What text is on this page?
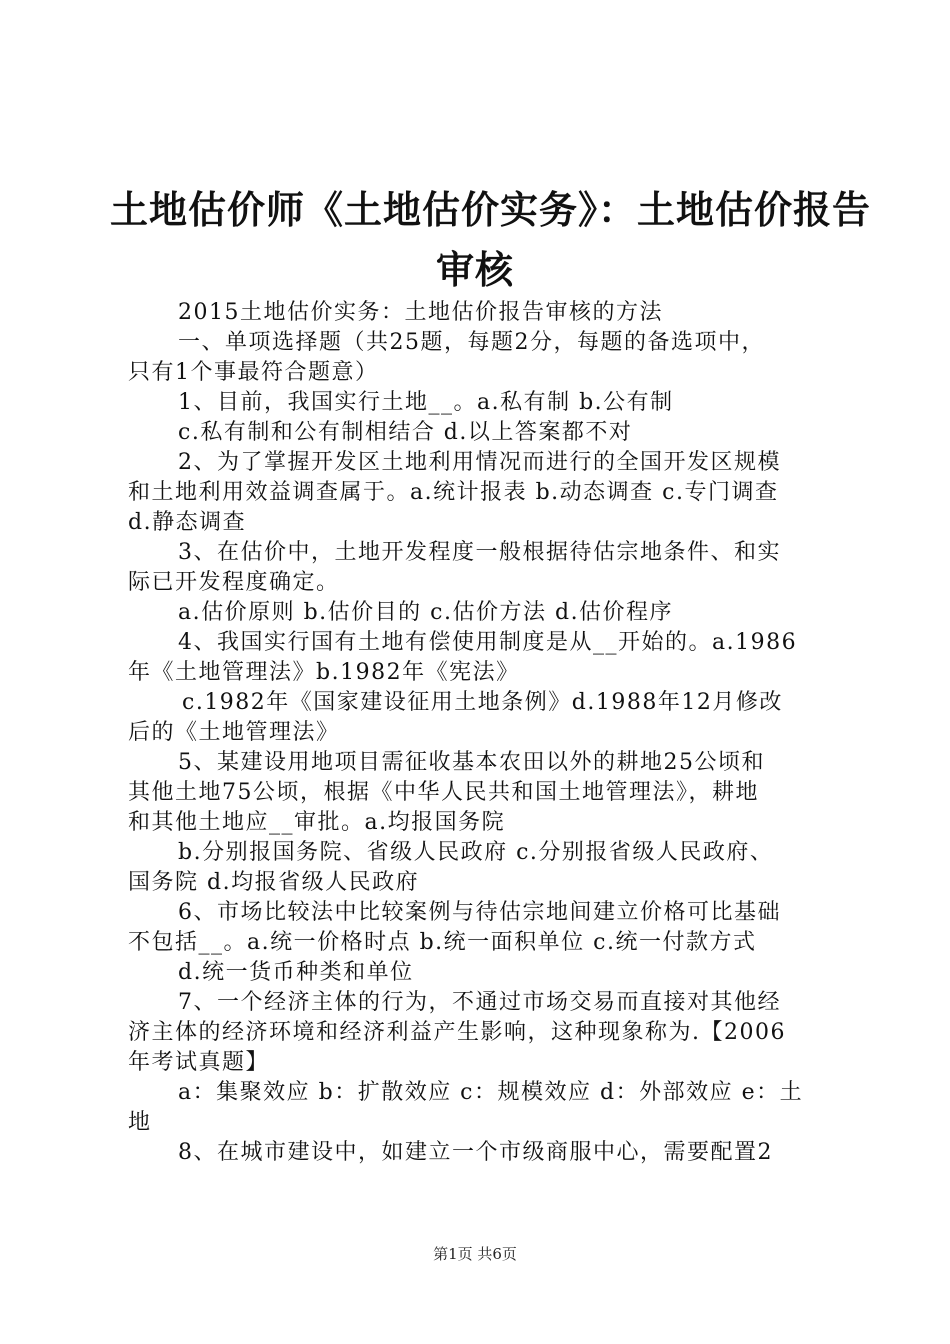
土地估价师《土地估价实务》：土地估价报告
审核
2015土地估价实务：土地估价报告审核的方法
一、单项选择题（共25题，每题2分，每题的备选项中，
只有1个事最符合题意）
1、目前，我国实行土地__。a.私有制 b.公有制
c.私有制和公有制相结合 d.以上答案都不对
2、为了掌握开发区土地利用情况而进行的全国开发区规模
和土地利用效益调查属于。a.统计报表 b.动态调查 c.专门调查
d.静态调查
3、在估价中，土地开发程度一般根据待估宗地条件、和实
际已开发程度确定。
a.估价原则 b.估价目的 c.估价方法 d.估价程序
4、我国实行国有土地有偿使用制度是从__开始的。a.1986
年《土地管理法》b.1982年《宪法》
c.1982年《国家建设征用土地条例》d.1988年12月修改
后的《土地管理法》
5、某建设用地项目需征收基本农田以外的耕地25公顷和
其他土地75公顷，根据《中华人民共和国土地管理法》，耕地
和其他土地应__审批。a.均报国务院
b.分别报国务院、省级人民政府 c.分别报省级人民政府、
国务院 d.均报省级人民政府
6、市场比较法中比较案例与待估宗地间建立价格可比基础
不包括__。a.统一价格时点 b.统一面积单位 c.统一付款方式
d.统一货币种类和单位
7、一个经济主体的行为，不通过市场交易而直接对其他经
济主体的经济环境和经济利益产生影响，这种现象称为.【2006
年考试真题】
a：集聚效应 b：扩散效应 c：规模效应 d：外部效应 e：土
地
8、在城市建设中，如建立一个市级商服中心，需要配置2
第1页 共6页
